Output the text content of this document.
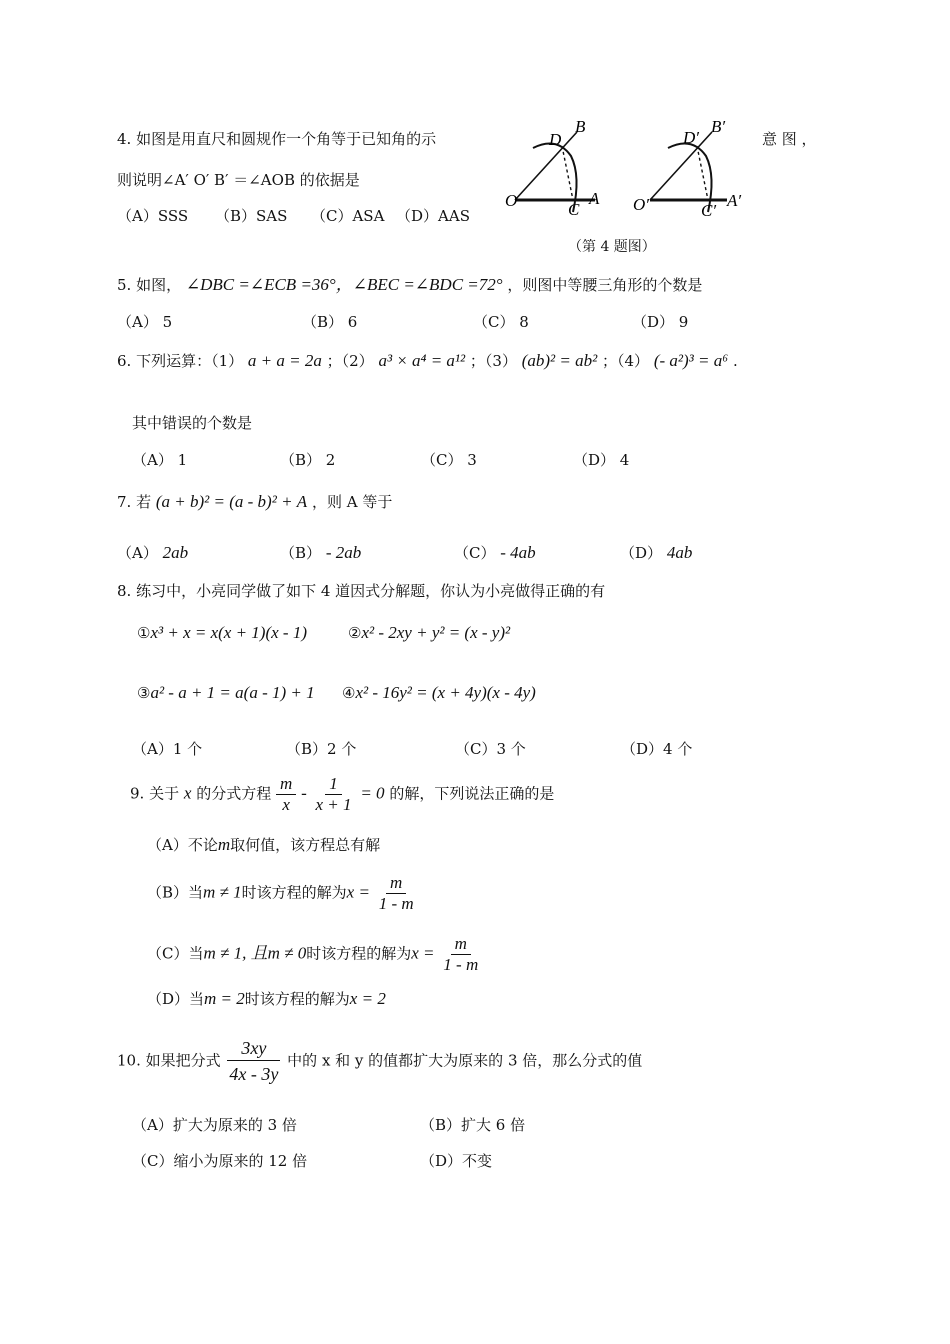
4. 如图是用直尺和圆规作一个角等于已知角的示	意 图 ，
则说明∠A′ O′ B′ ＝∠AOB 的依据是
（A）SSS （B）SAS （C）ASA （D）AAS
O	A
B
C
D
O′	A′
B′
C′
D′
（第 4 题图）
5. 如图， ∠DBC =∠ECB =36°，∠BEC =∠BDC =72° ，则图中等腰三角形的个数是
（A） 5	（B） 6	（C） 8	（D） 9
6. 下列运算：（1） a + a = 2a ；（2） a³ × a⁴ = a¹² ；（3） (ab)² = ab² ；（4） (- a²)³ = a⁶ .
其中错误的个数是
（A） 1	（B） 2	（C） 3	（D） 4
7. 若 (a + b)² = (a - b)² + A ，则 A 等于
（A） 2ab	（B） - 2ab	（C） - 4ab	（D） 4ab
8. 练习中，小亮同学做了如下 4 道因式分解题，你认为小亮做得正确的有
①x³ + x = x(x + 1)(x - 1)	②x² - 2xy + y² = (x - y)²
③a² - a + 1 = a(a - 1) + 1 ④x² - 16y² = (x + 4y)(x - 4y)
（A）1 个	（B）2 个	（C）3 个	（D）4 个
9. 关于 x 的分式方程 $\frac{m}{x} - \frac{1}{x + 1} = 0$ 的解，下列说法正确的是
（A）不论m取何值，该方程总有解
（B）当m ≠ 1时该方程的解为$x = \frac{m}{1 - m}$
（C）当m ≠ 1, 且m ≠ 0时该方程的解为$x = \frac{m}{1 - m}$
（D）当m = 2时该方程的解为x = 2
10. 如果把分式 $\frac{3xy}{4x - 3y}$ 中的 x 和 y 的值都扩大为原来的 3 倍，那么分式的值
（A）扩大为原来的 3 倍	（B）扩大 6 倍
（C）缩小为原来的 12 倍	（D）不变
